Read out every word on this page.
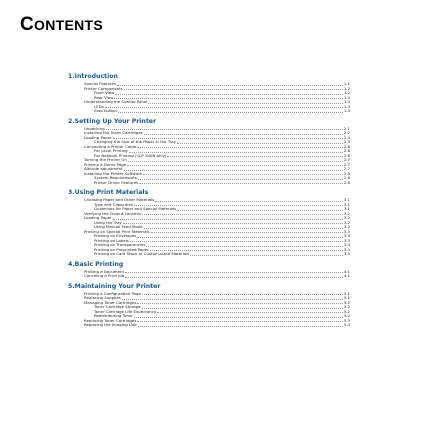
CONTENTS
1.Introduction
Special Features	1.1
Printer Components	1.2
Front View	1.2
Rear View	1.2
Understanding the Control Panel	1.3
LEDs	1.3
Stop button	1.3
2.Setting Up Your Printer
Unpacking	2.1
Installing the Toner Cartridges	2.2
Loading Paper	2.4
Changing the Size of the Paper in the Tray	2.5
Connecting a Printer Cable	2.6
For Local Printing	2.6
For Network Printing (CLP-300N only)	2.6
Turning the Printer On	2.7
Printing a Demo Page	2.7
Altitude adjustment	2.7
Installing the Printer Software	2.8
System Requirements	2.8
Printer Driver Features	2.8
3.Using Print Materials
Choosing Paper and Other Materials	3.1
Type and Capacities	3.1
Guidelines for Paper and Special Materials	3.1
Verifying the Output Location	3.2
Loading Paper	3.2
Using the Tray	3.2
Using Manual Feed Mode	3.2
Printing on Special Print Materials	3.3
Printing on Envelopes	3.3
Printing on Labels	3.3
Printing on Transparencies	3.4
Printing on Preprinted Paper	3.4
Printing on Card Stock or Custom-sized Materials	3.5
4.Basic Printing
Printing a Document	4.1
Canceling a Print Job	4.1
5.Maintaining Your Printer
Printing a Configuration Page	5.1
Replacing Supplies	5.1
Managing Toner Cartridges	5.2
Toner Cartridge Storage	5.2
Toner Cartridge Life Expectancy	5.2
Redistributing Toner	5.2
Replacing Toner Cartridges	5.3
Replacing the Imaging Unit	5.4
